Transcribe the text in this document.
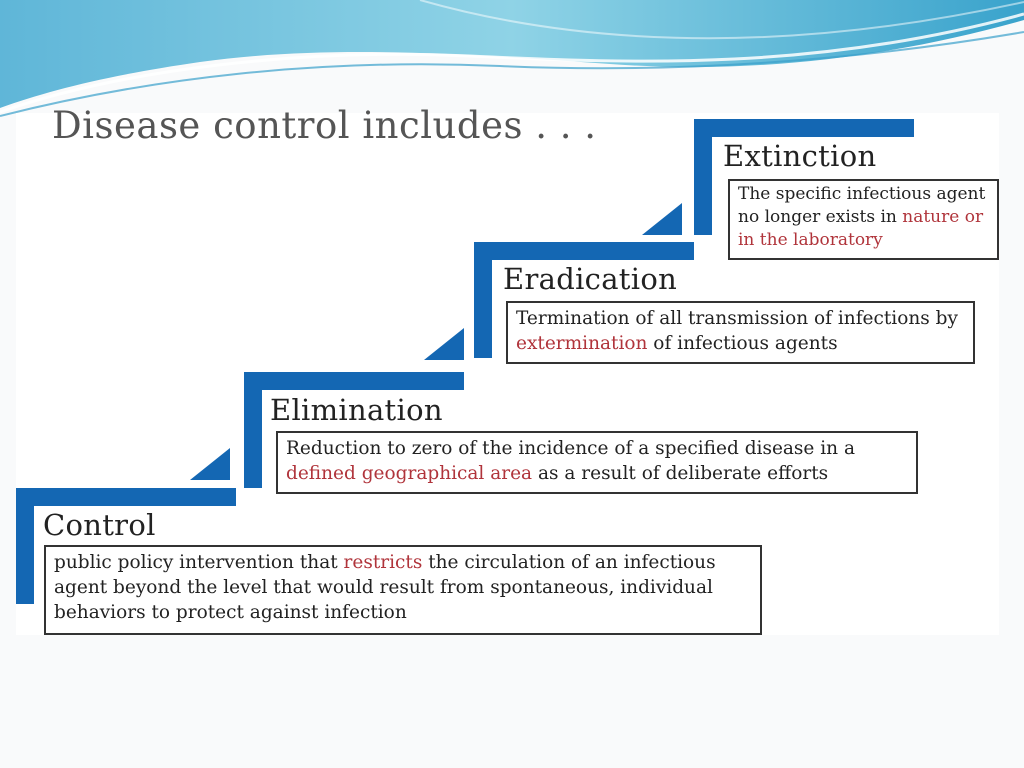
Disease control includes . . .
Extinction
Eradication
Elimination
Control
The specific infectious agent no longer exists in nature or in the laboratory
Termination of all transmission of infections by extermination of infectious agents
Reduction to zero of the incidence of a specified disease in a defined geographical area as a result of deliberate efforts
public policy intervention that restricts the circulation of an infectious agent beyond the level that would result from spontaneous, individual behaviors to protect against infection
